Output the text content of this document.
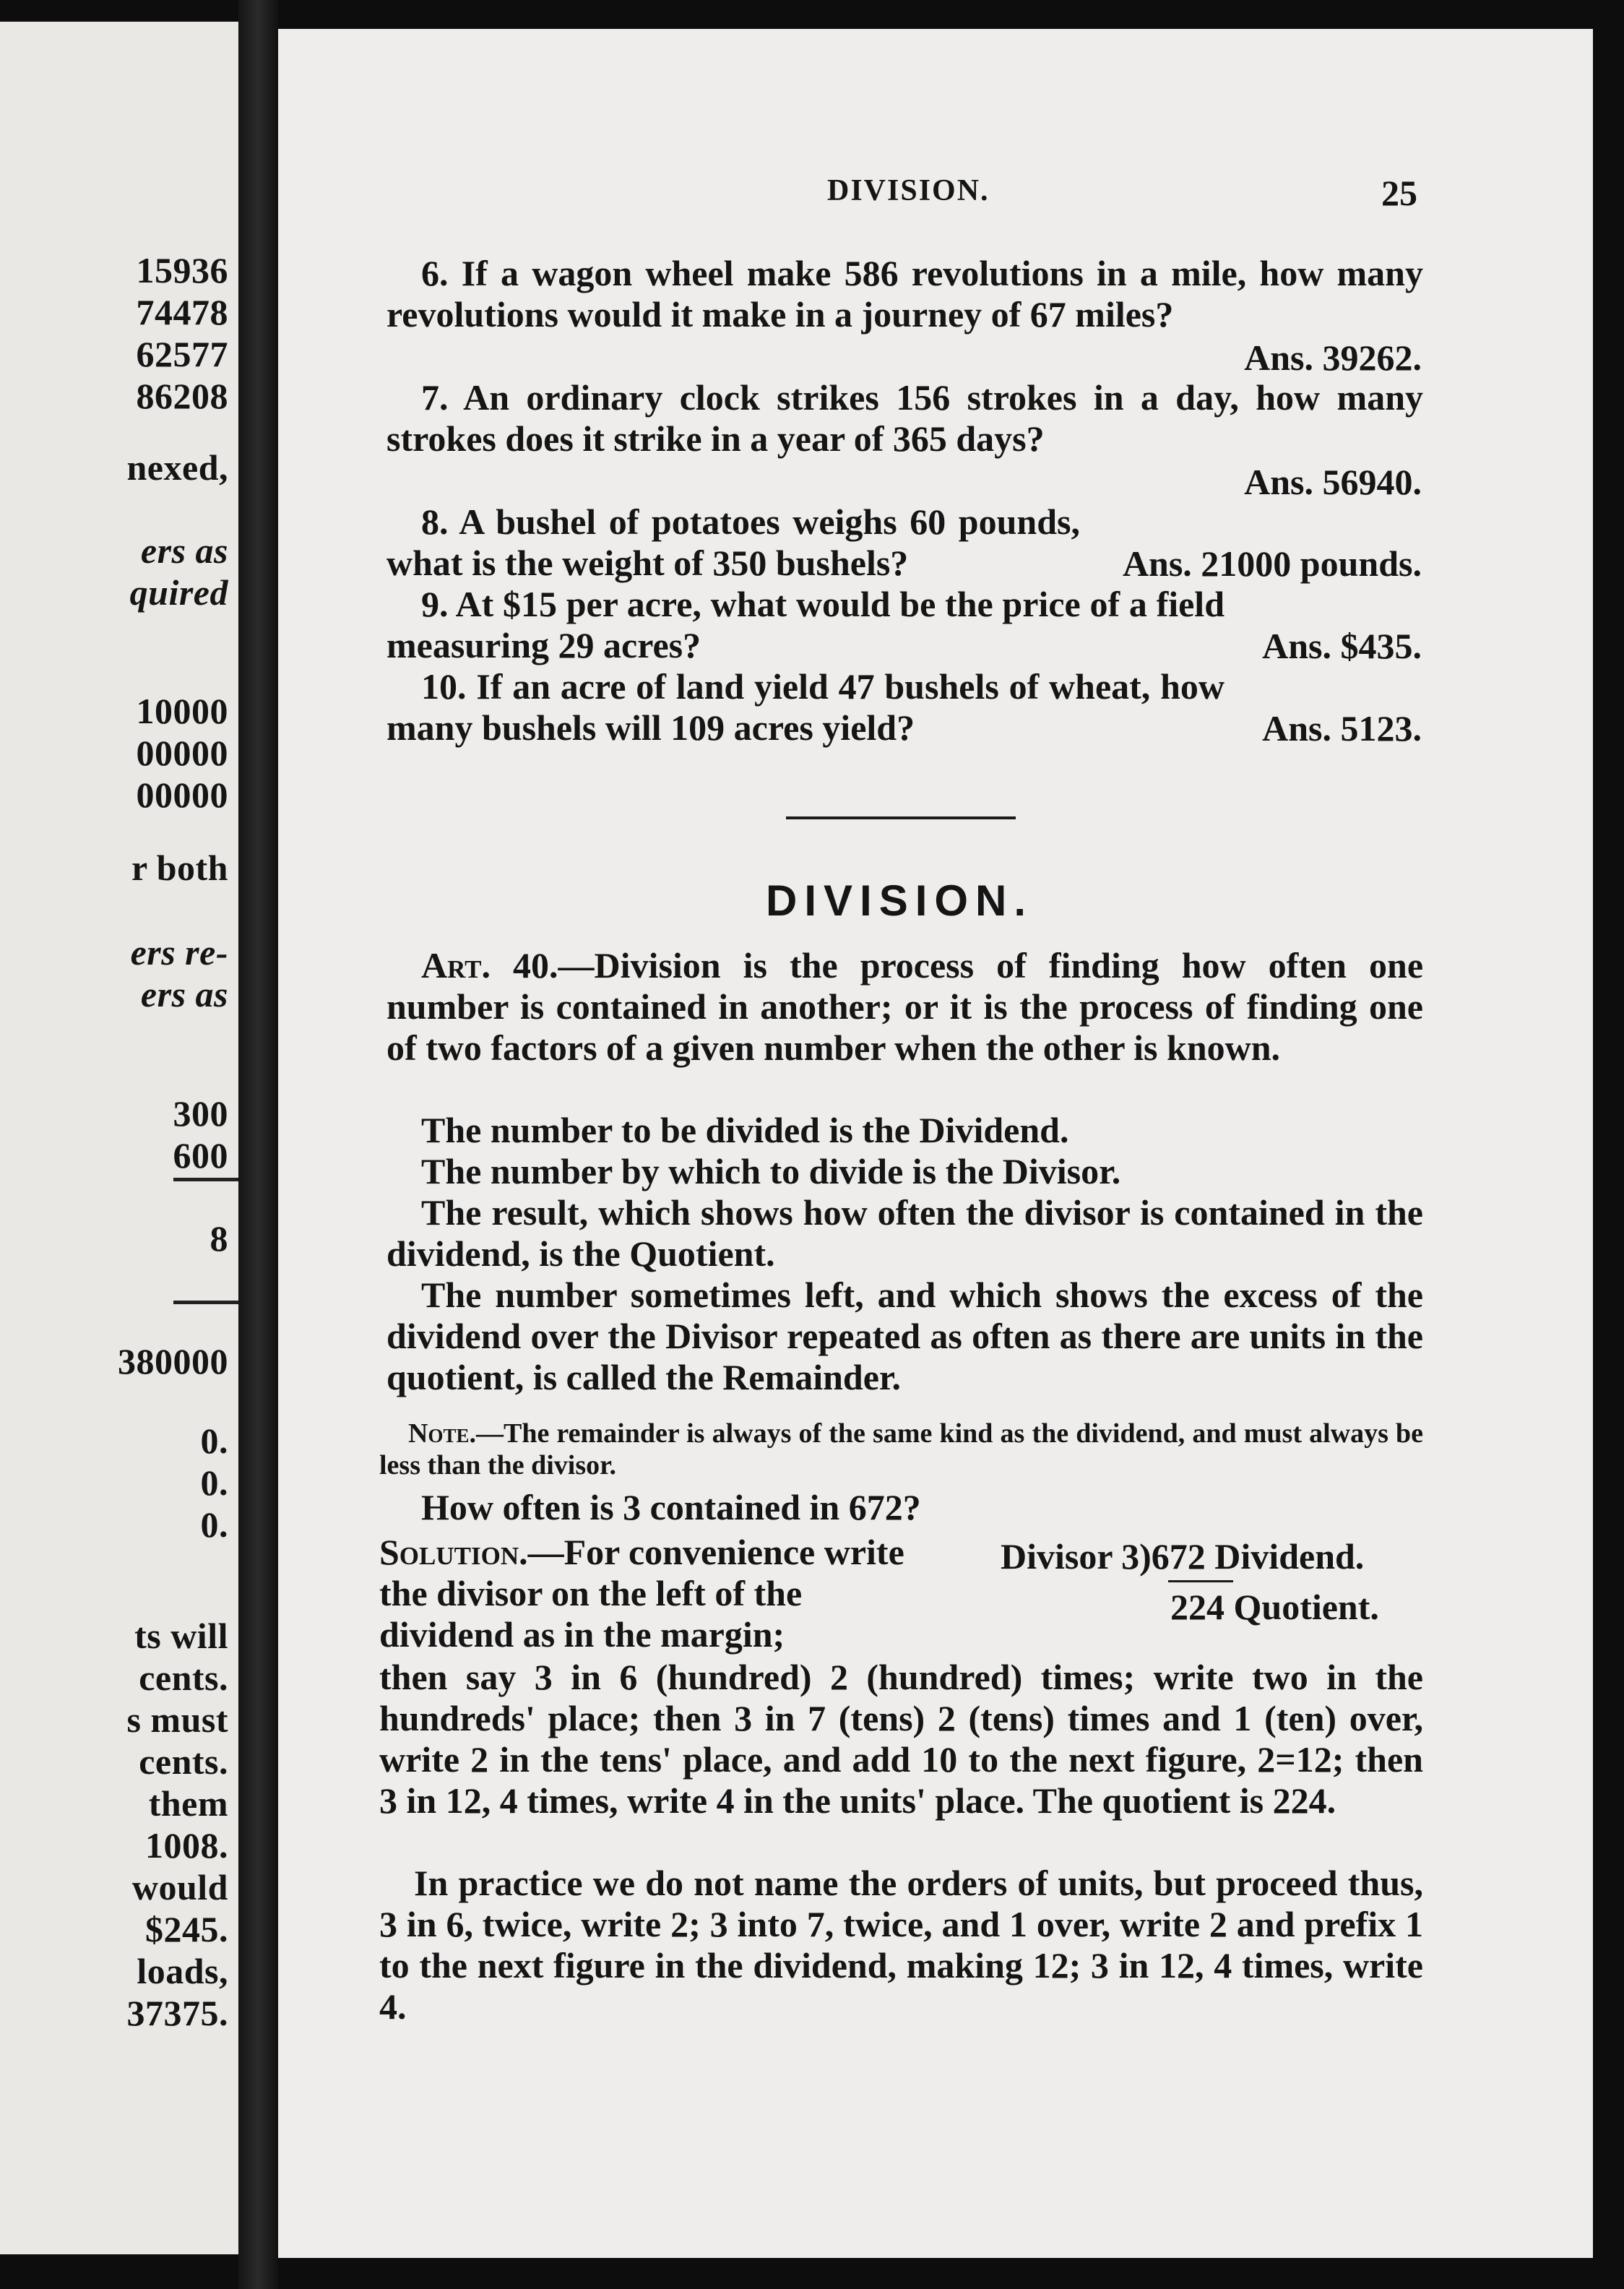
15936
74478
62577
86208
nexed,
ers as
quired
10000
00000
00000
r both
ers re-
ers as
300
600
8
380000
0.
0.
0.
ts will
cents.
s must
cents.
them
1008.
would
$245.
loads,
37375.
DIVISION.	25
6. If a wagon wheel make 586 revolutions in a mile, how many revolutions would it make in a journey of 67 miles?
Ans. 39262.
7. An ordinary clock strikes 156 strokes in a day, how many strokes does it strike in a year of 365 days?
Ans. 56940.
8. A bushel of potatoes weighs 60 pounds, what is the weight of 350 bushels?	Ans. 21000 pounds.
9. At $15 per acre, what would be the price of a field measuring 29 acres?	Ans. $435.
10. If an acre of land yield 47 bushels of wheat, how many bushels will 109 acres yield?	Ans. 5123.
DIVISION.
Art. 40.—Division is the process of finding how often one number is contained in another; or it is the process of finding one of two factors of a given number when the other is known.
The number to be divided is the Dividend.
The number by which to divide is the Divisor.
The result, which shows how often the divisor is contained in the dividend, is the Quotient.
The number sometimes left, and which shows the excess of the dividend over the Divisor repeated as often as there are units in the quotient, is called the Remainder.
Note.—The remainder is always of the same kind as the dividend, and must always be less than the divisor.
How often is 3 contained in 672?
Solution.—For convenience write the divisor on the left of the dividend as in the margin;
Divisor 3)672 Dividend.
224 Quotient.
then say 3 in 6 (hundred) 2 (hundred) times; write two in the hundreds' place; then 3 in 7 (tens) 2 (tens) times and 1 (ten) over, write 2 in the tens' place, and add 10 to the next figure, 2=12; then 3 in 12, 4 times, write 4 in the units' place. The quotient is 224.
In practice we do not name the orders of units, but proceed thus, 3 in 6, twice, write 2; 3 into 7, twice, and 1 over, write 2 and prefix 1 to the next figure in the dividend, making 12; 3 in 12, 4 times, write 4.
